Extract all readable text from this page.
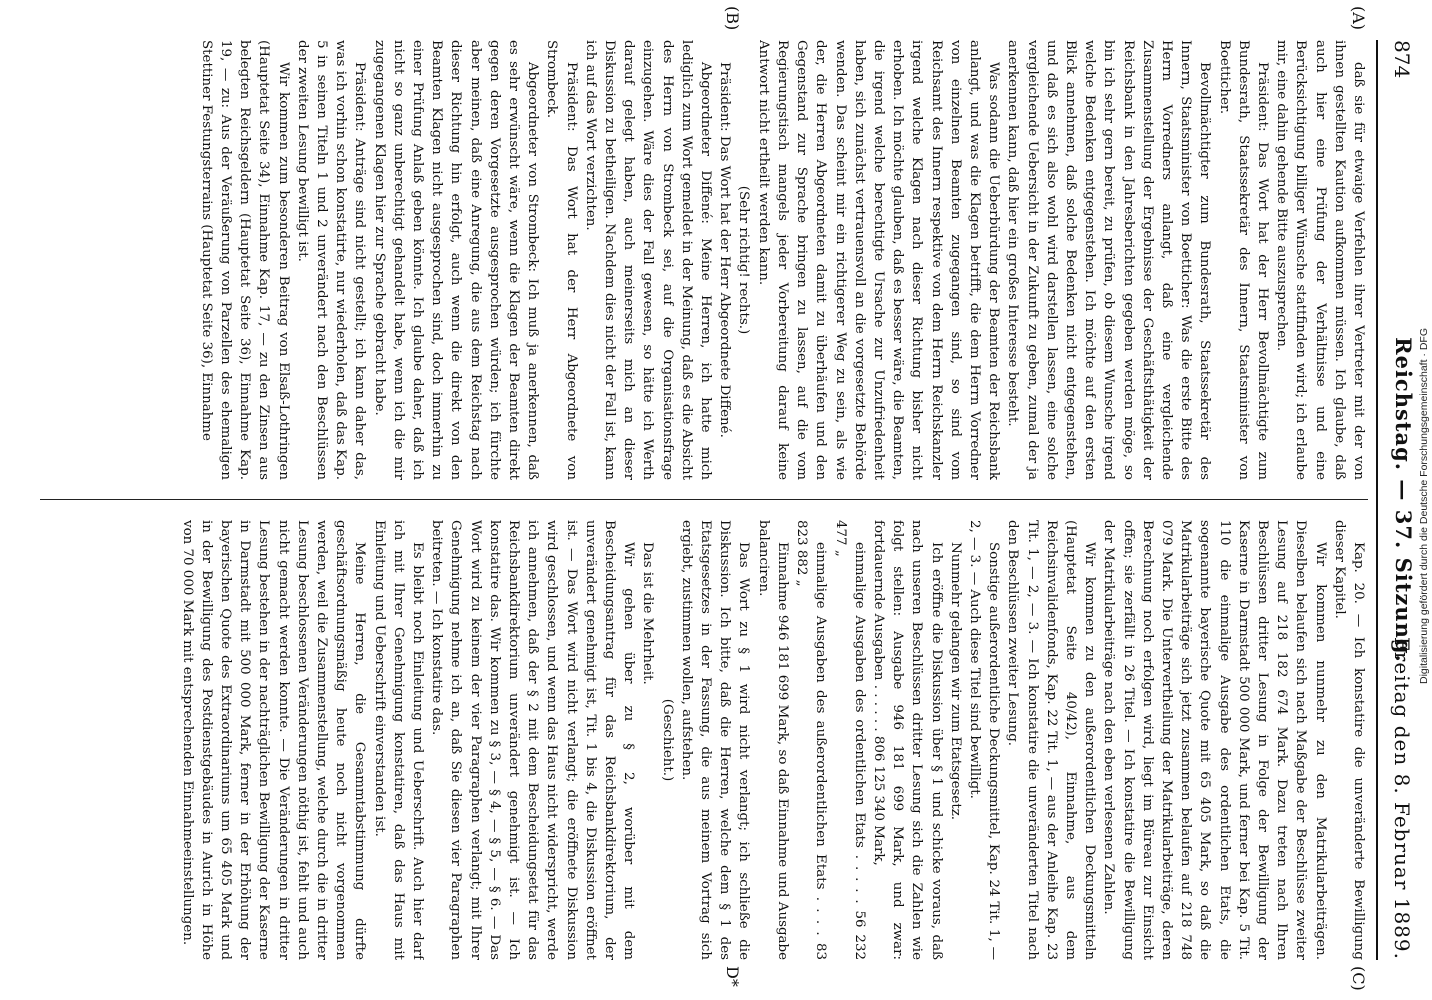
874
Reichstag. — 37. Sitzung.
Freitag den 8. Februar 1889.
(A)
(B)
(C)
D*

daß sie für etwaige Verfehlen ihrer Vertreter mit der von ihnen gestellten Kaution aufkommen müssen. Ich glaube, daß auch hier eine Prüfung der Verhältnisse und eine Berücksichtigung billiger Wünsche stattfinden wird; ich erlaube mir, eine dahin gehende Bitte auszusprechen.

Präsident: Das Wort hat der Herr Bevollmächtigte zum Bundesrath, Staatssekretär des Innern, Staatsminister von Boetticher.

Bevollmächtigter zum Bundesrath, Staatssekretär des Innern, Staatsminister von Boetticher: Was die erste Bitte des Herrn Vorredners anlangt, daß eine vergleichende Zusammenstellung der Ergebnisse der Geschäftsthätigkeit der Reichsbank in den Jahresberichten gegeben werden möge, so bin ich sehr gern bereit, zu prüfen, ob diesem Wunsche irgend welche Bedenken entgegenstehen. Ich möchte auf den ersten Blick annehmen, daß solche Bedenken nicht entgegenstehen, und daß es sich also wohl wird darstellen lassen, eine solche vergleichende Uebersicht in der Zukunft zu geben, zumal der ja anerkennen kann, daß hier ein großes Interesse besteht.

Was sodann die Ueberbürdung der Beamten der Reichsbank anlangt, und was die Klagen betrifft, die dem Herrn Vorredner von einzelnen Beamten zugegangen sind, so sind vom Reichsamt des Innern respektive von dem Herrn Reichskanzler irgend welche Klagen nach dieser Richtung bisher nicht erhoben. Ich möchte glauben, daß es besser wäre, die Beamten, die irgend welche berechtigte Ursache zur Unzufriedenheit haben, sich zunächst vertrauensvoll an die vorgesetzte Behörde wenden. Das scheint mir ein richtigerer Weg zu sein, als wie der, die Herren Abgeordneten damit zu überhäufen und den Gegenstand zur Sprache bringen zu lassen, auf die vom Regierungstisch mangels jeder Vorbereitung darauf keine Antwort nicht ertheilt werden kann.

(Sehr richtig! rechts.)

Präsident: Das Wort hat der Herr Abgeordnete Diffené.

Abgeordneter Diffené: Meine Herren, ich hatte mich lediglich zum Wort gemeldet in der Meinung, daß es die Absicht des Herrn von Strombeck sei, auf die Organisationsfrage einzugehen. Wäre dies der Fall gewesen, so hätte ich Werth darauf gelegt haben, auch meinerseits mich an dieser Diskussion zu betheiligen. Nachdem dies nicht der Fall ist, kann ich auf das Wort verzichten.

Präsident: Das Wort hat der Herr Abgeordnete von Strombeck.

Abgeordneter von Strombeck: Ich muß ja anerkennen, daß es sehr erwünscht wäre, wenn die Klagen der Beamten direkt gegen deren Vorgesetzte ausgesprochen würden; ich fürchte aber meinen, daß eine Anregung, die aus dem Reichstag nach dieser Richtung hin erfolgt, auch wenn die direkt von den Beamten Klagen nicht ausgesprochen sind, doch immerhin zu einer Prüfung Anlaß geben könnte. Ich glaube daher, daß ich nicht so ganz unberechtigt gehandelt habe, wenn ich die mir zugegangenen Klagen hier zur Sprache gebracht habe.

Präsident: Anträge sind nicht gestellt; ich kann daher das, was ich vorhin schon konstatirte, nur wiederholen, daß das Kap. 5 in seinen Titeln 1 und 2 unverändert nach den Beschlüssen der zweiten Lesung bewilligt ist.

Wir kommen zum besonderen Beitrag von Elsaß-Lothringen (Hauptetat Seite 34), Einnahme Kap. 17, — zu den Zinsen aus belegten Reichsgeldern (Hauptetat Seite 36), Einnahme Kap. 19, — zu: Aus der Veräußerung von Parzellen des ehemaligen Stettiner Festungsterrains (Hauptetat Seite 36), Einnahme

Kap. 20. — Ich konstatire die unveränderte Bewilligung dieser Kapitel.

Wir kommen nunmehr zu den Matrikularbeiträgen. Dieselben belaufen sich nach Maßgabe der Beschlüsse zweiter Lesung auf 218 182 674 Mark. Dazu treten nach Ihren Beschlüssen dritter Lesung in Folge der Bewilligung der Kaserne in Darmstadt 500 000 Mark, und ferner bei Kap. 5 Tit. 110 die einmalige Ausgabe des ordentlichen Etats, die sogenannte bayerische Quote mit 65 405 Mark, so daß die Matrikularbeiträge sich jetzt zusammen belaufen auf 218 748 079 Mark. Die Untervertheilung der Matrikularbeiträge, deren Berechnung noch erfolgen wird, liegt im Büreau zur Einsicht offen; sie zerfällt in 26 Titel. — Ich konstatire die Bewilligung der Matrikularbeiträge nach den eben verlesenen Zahlen.

Wir kommen zu den außerordentlichen Deckungsmitteln (Hauptetat Seite 40/42), Einnahme, aus dem Reichsinvalidenfonds, Kap. 22 Tit. 1, — aus der Anleihe Kap. 23 Tit. 1, — 2, — 3. — Ich konstatire die unveränderten Titel nach den Beschlüssen zweiter Lesung.

Sonstige außerordentliche Deckungsmittel, Kap. 24 Tit. 1, — 2, — 3. — Auch diese Titel sind bewilligt.

Nunmehr gelangen wir zum Etatsgesetz.

Ich eröffne die Diskussion über § 1 und schicke voraus, daß nach unseren Beschlüssen dritter Lesung sich die Zahlen wie folgt stellen: Ausgabe 946 181 699 Mark, und zwar: fortdauernde Ausgaben . . . . . . 806 125 340 Mark,

einmalige Ausgaben des ordentlichen Etats . . . . . 56 232 477 „

einmalige Ausgaben des außerordentlichen Etats . . . . 83 823 882 „

Einnahme 946 181 699 Mark, so daß Einnahme und Ausgabe balanciren.

Das Wort zu § 1 wird nicht verlangt; ich schließe die Diskussion. Ich bitte, daß die Herren, welche dem § 1 des Etatsgesetzes in der Fassung, die aus meinem Vortrag sich ergiebt, zustimmen wollen, aufstehen.

(Geschieht.)

Das ist die Mehrheit.

Wir gehen über zu § 2, worüber mit dem Bescheidungsantrag für das Reichsbankdirektorium, der unverändert genehmigt ist, Tit. 1 bis 4, die Diskussion eröffnet ist. — Das Wort wird nicht verlangt; die eröffnete Diskussion wird geschlossen, und wenn das Haus nicht widerspricht, werde ich annehmen, daß der § 2 mit dem Bescheidungsetat für das Reichsbankdirektorium unverändert genehmigt ist. — Ich konstatire das. Wir kommen zu § 3, — § 4, — § 5, — § 6. — Das Wort wird zu keinem der vier Paragraphen verlangt; mit Ihrer Genehmigung nehme ich an, daß Sie diesen vier Paragraphen beitreten. — Ich konstatire das.

Es bleibt noch Einleitung und Ueberschrift. Auch hier darf ich mit Ihrer Genehmigung konstatiren, daß das Haus mit Einleitung und Ueberschrift einverstanden ist.

Meine Herren, die Gesammtabstimmung dürfte geschäftsordnungsmäßig heute noch nicht vorgenommen werden, weil die Zusammenstellung, welche durch die in dritter Lesung beschlossenen Veränderungen nöthig ist, fehlt und auch nicht gemacht werden konnte. — Die Veränderungen in dritter Lesung bestehen in der nachträglichen Bewilligung der Kaserne in Darmstadt mit 500 000 Mark, ferner in der Erhöhung der bayerischen Quote des Extraordinariums um 65 405 Mark und in der Bewilligung des Postdienstgebäudes in Aurich in Höhe von 70 000 Mark mit entsprechenden Einnahmeeinstellungen.

Digitalisierung gefördert durch die Deutsche Forschungsgemeinschaft · DFG
